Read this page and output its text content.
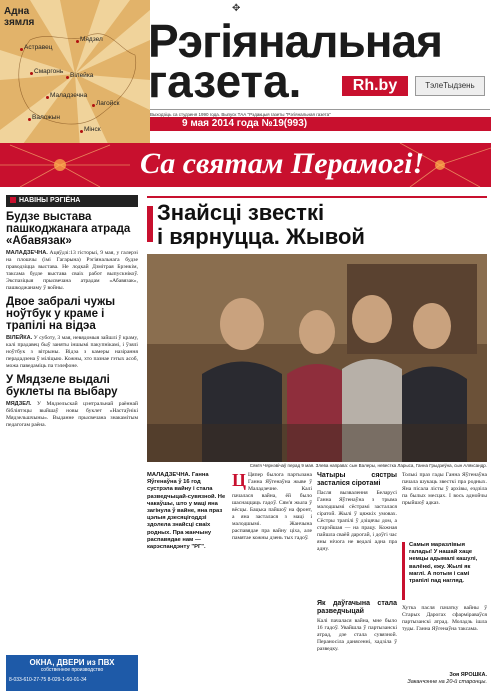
Адна
зямля
Астравец
Смаргонь
Вілейка
Мядзел
Маладзечна
Валожын
Лагойск
Мінск
✥
Рэгіянальная
газета.	Rh.by	ТэлеТыдзень
Выходзіць са студзеня 1990 года. Выпуск ТАА "Рэдакцыя газеты "Рэгіянальная газета"
9 мая 2014 года №19(993)
Са святам Перамогі!
НАВІНЫ РЭГІЁНА
Будзе выстава пашкоджанага атрада «Абавязак»
МАЛАДЗЕЧНА. Ацяўдзі:13 гісторыі, 9 мая, у галерэі на плошчы (імі Гагарына) Рэгіянальнага будзе праводзіцца выстава. Не лодкай Дзмітрая Брэнкім, таксама будзе выстава сваіх работ выпускнікоў. Экспазіцыя прысвечана атрадам «Абавязак», пашкоджанаму ў войны.
Двое забралі чужы ноўтбук у краме і трапілі на відэа
ВІЛЕЙКА. У суботу, 3 мая, невядомыя зайшлі ў краму, калі прадавец быў заняты іншымі пакупнікамі, і ўзялі ноўтбук з вітрыны. Відэа з камеры назірання перададзена ў міліцыю. Кожны, хто пазнае гэтых асоб, можа паведаміць па тэлефоне.
У Мядзеле выдалі буклеты па выбару
МЯДЗЕЛ. У Мядзельскай цэнтральнай раённай бібліятэцы выйшаў новы буклет «Настаўнікі Мядзельшчыны». Выданне прысвечана знакамітым педагогам раёна.
ОКНА, ДВЕРИ из ПВХ
собственное производство
8-033-610-27-75 8-029-1-60-01-34
Знайсці звесткі
і вярнуцца. Жывой
Сям'я Чярнэвічаў перад 9 мая. Злева направа: сын Валеры, невестка Ларыса, Ганна Грыдзеўна, сын Аляксандр.
МАЛАДЗЕЧНА. Ганна Яўгенаўна ў 16 год сустрэла вайну і стала разведчыцай-сувязной. Не чакаўшы, што у маці яна загінула ў вайне, яна праз цэлыя дзесяцігоддзі здолела знайсці сваіх родных. Пра жанчыну распавядае нам — карэспандэнту "РГ".
Ц Цяпер былога партызана Ганна Яўгенаўна жыве ў Маладзечне. Калі пачалася вайна, ёй было шаснаццаць гадоў. Сям'я жыла ў вёсцы. Бацька пайшоў на фронт, а яна засталася з маці і малодшымі. Жанчына распавядае пра вайну ціха, але памятае кожны дзень тых гадоў.
Чатыры сястры засталіся сіротамі
Пасля вызвалення Беларусі Ганна Яўгенаўна з трыма малодшымі сёстрамі засталася сіратой. Жылі ў цяжкіх умовах. Сёстры трапілі ў дзіцячы дом, а старэйшая — на працу. Кожная пайшла сваёй дарогай, і доўгі час яны нічога не ведалі адна пра адну.
Толькі праз гады Ганна Яўгенаўна пачала шукаць звесткі пра родных. Яна пісала лісты ў архівы, ездзіла па былых месцах. І вось аднойчы прыйшоў адказ.
Як даўгачына стала разведчыцай
Калі пачалася вайна, мне было 16 гадоў. Увайшла ў партызанскі атрад, дзе стала сувязной. Пераносіла данясенні, хадзіла ў разведку.
Самыя маразлівыя галады! У нашай хаце немцы адымалі кашулі, валёнкі, ежу. Жылі як маглі. А потым і самі трапілі пад нагляд.
Хутка пасля пачатку вайны ў Старых Дарогах сфарміраваўся партызанскі атрад. Моладзь ішла туды. Ганна Яўгенаўна таксама.
Зоя ЯРОШКА.
Заканчэнне на 20-й старонцы.
